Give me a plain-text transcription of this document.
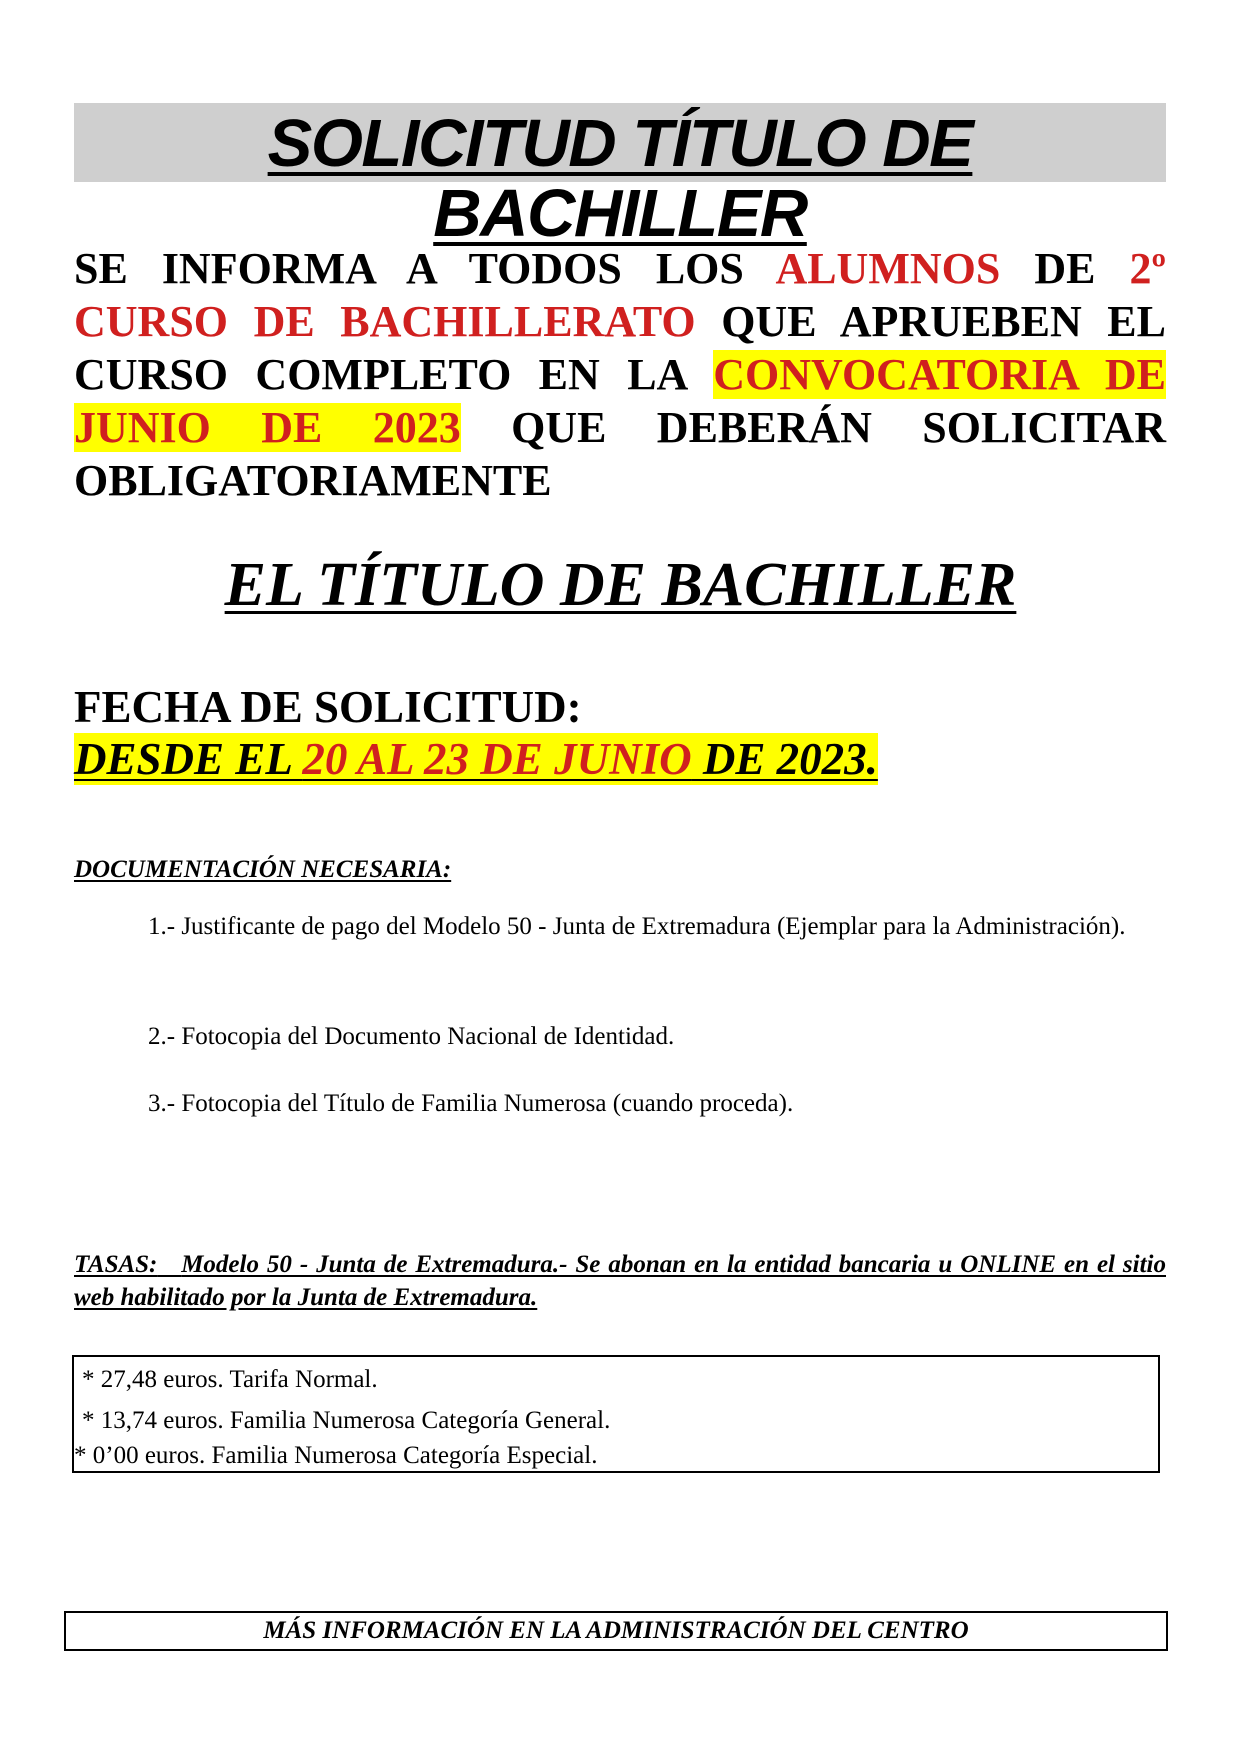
SOLICITUD TÍTULO DE BACHILLER
SE INFORMA A TODOS LOS ALUMNOS DE 2º CURSO DE BACHILLERATO QUE APRUEBEN EL CURSO COMPLETO EN LA CONVOCATORIA DE JUNIO DE 2023 QUE DEBERÁN SOLICITAR OBLIGATORIAMENTE
EL TÍTULO DE BACHILLER
FECHA DE SOLICITUD:
DESDE EL 20 AL 23 DE JUNIO DE 2023.
DOCUMENTACIÓN NECESARIA:
1.- Justificante de pago del Modelo 50 - Junta de Extremadura (Ejemplar para la Administración).
2.- Fotocopia del Documento Nacional de Identidad.
3.- Fotocopia del Título de Familia Numerosa (cuando proceda).
TASAS: Modelo 50 - Junta de Extremadura.- Se abonan en la entidad bancaria u ONLINE en el sitio web habilitado por la Junta de Extremadura.
* 27,48 euros. Tarifa Normal.
* 13,74 euros. Familia Numerosa Categoría General.
* 0’00 euros. Familia Numerosa Categoría Especial.
MÁS INFORMACIÓN EN LA ADMINISTRACIÓN DEL CENTRO
